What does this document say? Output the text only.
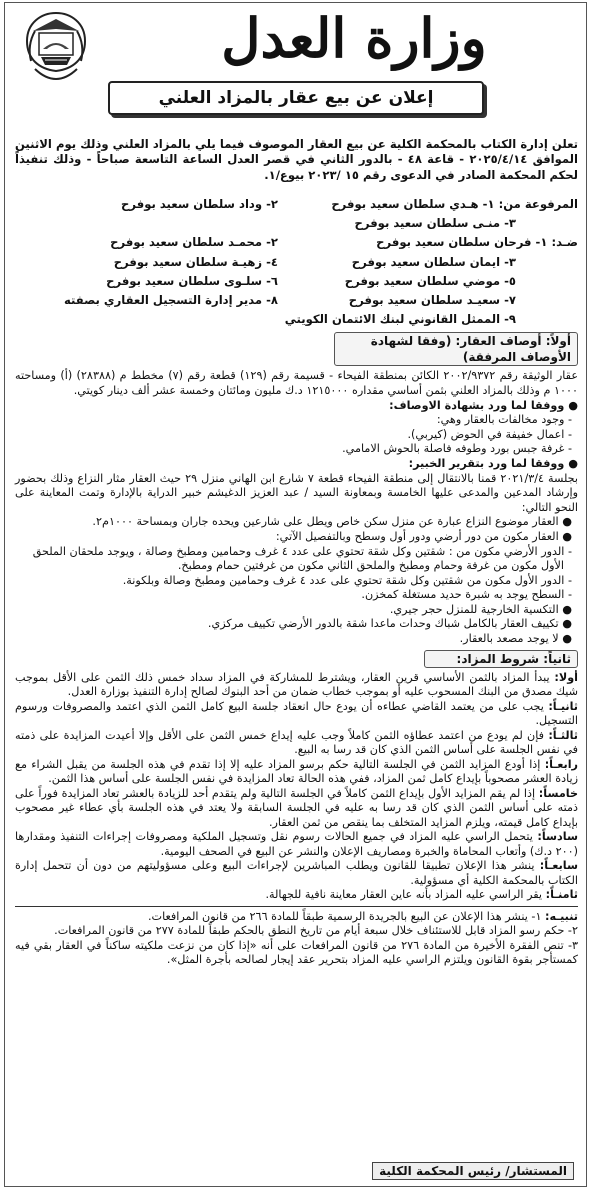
وزارة العدل
إعلان عن بيع عقار بالمزاد العلني

تعلن إدارة الكتاب بالمحكمة الكلية عن بيع العقار الموصوف فيما يلي بالمزاد العلني وذلك يوم الاثنين الموافق ٢٠٢٥/٤/١٤ - قاعة ٤٨ - بالدور الثاني في قصر العدل الساعة التاسعة صباحاً - وذلك تنفيذاً لحكم المحكمة الصادر في الدعوى رقم ١٥ /٢٠٢٣ بيوع/١.

المرفوعة من: ١- هـدي سلطان سعيد بوفرح
٢- وداد سلطان سعيد بوفرح
٣- منـى سلطان سعيد بوفرح
ضـد: ١- فرحان سلطان سعيد بوفرح
٢- محمـد سلطان سعيد بوفرح
٣- ايمان سلطان سعيد بوفرح
٤- زهيـة سلطان سعيد بوفرح
٥- موضي سلطان سعيد بوفرح
٦- سلـوى سلطان سعيد بوفرح
٧- سعيـد سلطان سعيد بوفرح
٨- مدير إدارة التسجيل العقاري بصفته
٩- الممثل القانوني لبنك الائتمان الكويتي
أولاً: أوصاف العقار: (وفقا لشهادة الأوصاف المرفقة)

عقار الوثيقة رقم ٢٠٠٢/٩٣٧٢ الكائن بمنطقة الفيحاء - قسيمة رقم (١٢٩) قطعة رقم (٧) مخطط م (٢٨٣٨٨) (أ) ومساحته ١٠٠٠ م وذلك بالمزاد العلني بثمن أساسي مقداره ١٢١٥٠٠٠ د.ك مليون ومائتان وخمسة عشر ألف دينار كويتي.

● ووفقا لما ورد بشهادة الاوصاف:

- وجود مخالفات بالعقار وهي:

- اعمال خفيفة في الحوض (كيربي).

- غرفة جبس بورد وطوفه فاصلة بالحوش الامامي.

● ووفقا لما ورد بتقرير الخبير:

بجلسة ٢٠٢١/٣/٤ قمنا بالانتقال إلى منطقة الفيحاء قطعة ٧ شارع ابن الهاني منزل ٢٩ حيث العقار مثار النزاع وذلك بحضور وإرشاد المدعين والمدعى عليها الخامسة وبمعاونة السيد / عبد العزيز الدغيشم خبير الدراية بالإدارة وتمت المعاينة على النحو التالي:

● العقار موضوع النزاع عبارة عن منزل سكن خاص ويطل على شارعين ويحده جاران وبمساحة ١٠٠٠م٢.

● العقار مكون من دور أرضي ودور أول وسطح وبالتفصيل الآتي:

- الدور الأرضي مكون من : شقتين وكل شقة تحتوي على عدد ٤ غرف وحمامين ومطبخ وصالة ، ويوجد ملحقان الملحق الأول مكون من غرفة وحمام ومطبخ والملحق الثاني مكون من غرفتين حمام ومطبخ.

- الدور الأول مكون من شقتين وكل شقة تحتوي على عدد ٤ غرف وحمامين ومطبخ وصالة وبلكونة.

- السطح يوجد به شبرة حديد مستغلة كمخزن.

● التكسية الخارجية للمنزل حجر جيري.

● تكييف العقار بالكامل شباك وحدات ماعدا شقة بالدور الأرضي تكييف مركزي.

● لا يوجد مصعد بالعقار.

ثانياً: شروط المزاد:

أولا: يبدأ المزاد بالثمن الأساسي قرين العقار، ويشترط للمشاركة في المزاد سداد خمس ذلك الثمن على الأقل بموجب شيك مصدق من البنك المسحوب عليه أو بموجب خطاب ضمان من أحد البنوك لصالح إدارة التنفيذ بوزارة العدل.

ثانيـاً: يجب على من يعتمد القاضي عطاءه أن يودع حال انعقاد جلسة البيع كامل الثمن الذي اعتمد والمصروفات ورسوم التسجيل.

ثالثـاً: فإن لم يودع من اعتمد عطاؤه الثمن كاملاً وجب عليه إيداع خمس الثمن على الأقل وإلا أعيدت المزايدة على ذمته في نفس الجلسة على أساس الثمن الذي كان قد رسا به البيع.

رابعـاً: إذا أودع المزايد الثمن في الجلسة التالية حكم برسو المزاد عليه إلا إذا تقدم في هذه الجلسة من يقبل الشراء مع زيادة العشر مصحوباً بإيداع كامل ثمن المزاد، ففي هذه الحالة تعاد المزايدة في نفس الجلسة على أساس هذا الثمن.

خامساً: إذا لم يقم المزايد الأول بإيداع الثمن كاملاً في الجلسة التالية ولم يتقدم أحد للزيادة بالعشر تعاد المزايدة فوراً على ذمته على أساس الثمن الذي كان قد رسا به عليه في الجلسة السابقة ولا يعتد في هذه الجلسة بأي عطاء غير مصحوب بإيداع كامل قيمته، ويلزم المزايد المتخلف بما ينقص من ثمن العقار.

سادساً: يتحمل الراسي عليه المزاد في جميع الحالات رسوم نقل وتسجيل الملكية ومصروفات إجراءات التنفيذ ومقدارها (٢٠٠ د.ك) وأتعاب المحاماة والخبرة ومصاريف الإعلان والنشر عن البيع في الصحف اليومية.

سابعـاً: ينشر هذا الإعلان تطبيقا للقانون ويطلب المباشرين لإجراءات البيع وعلى مسؤوليتهم من دون أن تتحمل إدارة الكتاب بالمحكمة الكلية أي مسؤولية.

ثامنـاً: يقر الراسي عليه المزاد بأنه عاين العقار معاينة نافية للجهالة.

تنبيـه: ١- ينشر هذا الإعلان عن البيع بالجريدة الرسمية طبقاً للمادة ٢٦٦ من قانون المرافعات.

٢- حكم رسو المزاد قابل للاستئناف خلال سبعة أيام من تاريخ النطق بالحكم طبقاً للمادة ٢٧٧ من قانون المرافعات.

٣- تنص الفقرة الأخيرة من المادة ٢٧٦ من قانون المرافعات على أنه «إذا كان من نزعت ملكيته ساكناً في العقار بقي فيه كمستأجر بقوة القانون ويلتزم الراسي عليه المزاد بتحرير عقد إيجار لصالحه بأجرة المثل».

المستشار/ رئيس المحكمة الكلية
